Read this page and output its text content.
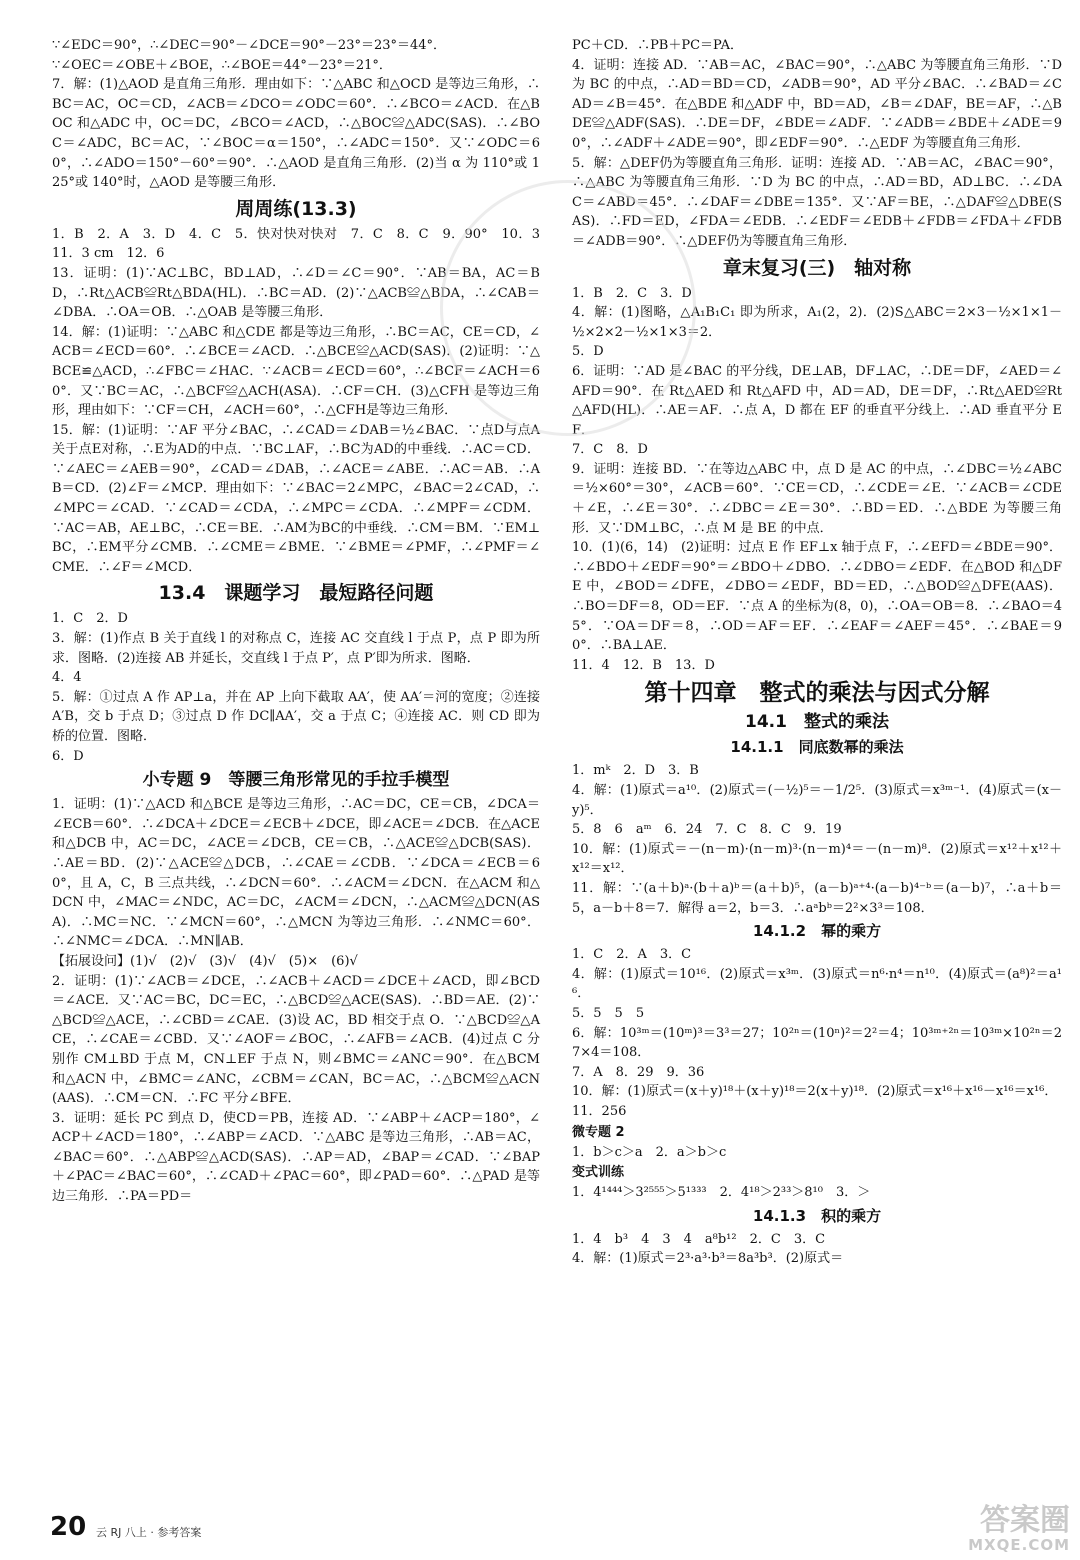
∵∠EDC＝90°，∴∠DEC＝90°－∠DCE＝90°－23°＝23°＝44°．

∵∠OEC＝∠OBE＋∠BOE，∴∠BOE＝44°－23°＝21°．

7．解：(1)△AOD 是直角三角形．理由如下：∵△ABC 和△OCD 是等边三角形，∴BC＝AC，OC＝CD，∠ACB＝∠DCO＝∠ODC＝60°．∴∠BCO＝∠ACD．在△BOC 和△ADC 中，OC＝DC，∠BCO＝∠ACD，∴△BOC≌△ADC(SAS)．∴∠BOC＝∠ADC，BC＝AC，∵∠BOC＝α＝150°，∴∠ADC＝150°．又∵∠ODC＝60°，∴∠ADO＝150°－60°＝90°．∴△AOD 是直角三角形．(2)当 α 为 110°或 125°或 140°时，△AOD 是等腰三角形．

周周练(13.3)

1．B　2．A　3．D　4．C　5．快对快对快对　7．C　8．C　9．90°　10．3　11．3 cm　12．6

13．证明：(1)∵AC⊥BC，BD⊥AD，∴∠D＝∠C＝90°．∵AB＝BA，AC＝BD，∴Rt△ACB≌Rt△BDA(HL)．∴BC＝AD．(2)∵△ACB≌△BDA，∴∠CAB＝∠DBA．∴OA＝OB．∴△OAB 是等腰三角形．

14．解：(1)证明：∵△ABC 和△CDE 都是等边三角形，∴BC＝AC，CE＝CD，∠ACB＝∠ECD＝60°．∴∠BCE＝∠ACD．∴△BCE≌△ACD(SAS)．(2)证明：∵△BCE≌△ACD，∴∠FBC＝∠HAC．∵∠ACB＝∠ECD＝60°，∴∠BCF＝∠ACH＝60°．又∵BC＝AC，∴△BCF≌△ACH(ASA)．∴CF＝CH．(3)△CFH 是等边三角形，理由如下：∵CF＝CH，∠ACH＝60°，∴△CFH是等边三角形．

15．解：(1)证明：∵AF 平分∠BAC，∴∠CAD＝∠DAB＝½∠BAC．∵点D与点A关于点E对称，∴E为AD的中点．∵BC⊥AF，∴BC为AD的中垂线．∴AC＝CD．∵∠AEC＝∠AEB＝90°，∠CAD＝∠DAB，∴∠ACE＝∠ABE．∴AC＝AB．∴AB＝CD．(2)∠F＝∠MCP．理由如下：∵∠BAC＝2∠MPC，∠BAC＝2∠CAD，∴∠MPC＝∠CAD．∵∠CAD＝∠CDA，∴∠MPC＝∠CDA．∴∠MPF＝∠CDM．∵AC＝AB，AE⊥BC，∴CE＝BE．∴AM为BC的中垂线．∴CM＝BM．∵EM⊥BC，∴EM平分∠CMB．∴∠CME＝∠BME．∵∠BME＝∠PMF，∴∠PMF＝∠CME．∴∠F＝∠MCD．

13.4　课题学习　最短路径问题

1．C　2．D

3．解：(1)作点 B 关于直线 l 的对称点 C，连接 AC 交直线 l 于点 P，点 P 即为所求．图略．(2)连接 AB 并延长，交直线 l 于点 P′，点 P′即为所求．图略．

4．4

5．解：①过点 A 作 AP⊥a，并在 AP 上向下截取 AA′，使 AA′＝河的宽度；②连接A′B，交 b 于点 D；③过点 D 作 DC∥AA′，交 a 于点 C；④连接 AC．则 CD 即为桥的位置．图略．

6．D

小专题 9　等腰三角形常见的手拉手模型

1．证明：(1)∵△ACD 和△BCE 是等边三角形，∴AC＝DC，CE＝CB，∠DCA＝∠ECB＝60°．∴∠DCA＋∠DCE＝∠ECB＋∠DCE，即∠ACE＝∠DCB．在△ACE 和△DCB 中，AC＝DC，∠ACE＝∠DCB，CE＝CB，∴△ACE≌△DCB(SAS)．∴AE＝BD．(2)∵△ACE≌△DCB，∴∠CAE＝∠CDB．∵∠DCA＝∠ECB＝60°，且 A，C，B 三点共线，∴∠DCN＝60°．∴∠ACM＝∠DCN．在△ACM 和△DCN 中，∠MAC＝∠NDC，AC＝DC，∠ACM＝∠DCN，∴△ACM≌△DCN(ASA)．∴MC＝NC．∵∠MCN＝60°，∴△MCN 为等边三角形．∴∠NMC＝60°．∴∠NMC＝∠DCA．∴MN∥AB．

【拓展设问】(1)√　(2)√　(3)√　(4)√　(5)×　(6)√

2．证明：(1)∵∠ACB＝∠DCE，∴∠ACB＋∠ACD＝∠DCE＋∠ACD，即∠BCD＝∠ACE．又∵AC＝BC，DC＝EC，∴△BCD≌△ACE(SAS)．∴BD＝AE．(2)∵△BCD≌△ACE，∴∠CBD＝∠CAE．(3)设 AC，BD 相交于点 O．∵△BCD≌△ACE，∴∠CAE＝∠CBD．又∵∠AOF＝∠BOC，∴∠AFB＝∠ACB．(4)过点 C 分别作 CM⊥BD 于点 M，CN⊥EF 于点 N，则∠BMC＝∠ANC＝90°．在△BCM 和△ACN 中，∠BMC＝∠ANC，∠CBM＝∠CAN，BC＝AC，∴△BCM≌△ACN(AAS)．∴CM＝CN．∴FC 平分∠BFE．

3．证明：延长 PC 到点 D，使CD＝PB，连接 AD．∵∠ABP＋∠ACP＝180°，∠ACP＋∠ACD＝180°，∴∠ABP＝∠ACD．∵△ABC 是等边三角形，∴AB＝AC，∠BAC＝60°．∴△ABP≌△ACD(SAS)．∴AP＝AD，∠BAP＝∠CAD．∵∠BAP＋∠PAC＝∠BAC＝60°，∴∠CAD＋∠PAC＝60°，即∠PAD＝60°．∴△PAD 是等边三角形．∴PA＝PD＝

PC＋CD．∴PB＋PC＝PA．

4．证明：连接 AD．∵AB＝AC，∠BAC＝90°，∴△ABC 为等腰直角三角形．∵D 为 BC 的中点，∴AD＝BD＝CD，∠ADB＝90°，AD 平分∠BAC．∴∠BAD＝∠CAD＝∠B＝45°．在△BDE 和△ADF 中，BD＝AD，∠B＝∠DAF，BE＝AF，∴△BDE≌△ADF(SAS)．∴DE＝DF，∠BDE＝∠ADF．∵∠ADB＝∠BDE＋∠ADE＝90°，∴∠ADF＋∠ADE＝90°，即∠EDF＝90°．∴△EDF 为等腰直角三角形．

5．解：△DEF仍为等腰直角三角形．证明：连接 AD．∵AB＝AC，∠BAC＝90°，∴△ABC 为等腰直角三角形．∵D 为 BC 的中点，∴AD＝BD，AD⊥BC．∴∠DAC＝∠ABD＝45°．∴∠DAF＝∠DBE＝135°．又∵AF＝BE，∴△DAF≌△DBE(SAS)．∴FD＝ED，∠FDA＝∠EDB．∴∠EDF＝∠EDB＋∠FDB＝∠FDA＋∠FDB＝∠ADB＝90°．∴△DEF仍为等腰直角三角形．

章末复习(三)　轴对称

1．B　2．C　3．D

4．解：(1)图略，△A₁B₁C₁ 即为所求，A₁(2，2)．(2)S△ABC＝2×3－½×1×1－½×2×2－½×1×3＝2．

5．D

6．证明：∵AD 是∠BAC 的平分线，DE⊥AB，DF⊥AC，∴DE＝DF，∠AED＝∠AFD＝90°．在 Rt△AED 和 Rt△AFD 中，AD＝AD，DE＝DF，∴Rt△AED≌Rt△AFD(HL)．∴AE＝AF．∴点 A，D 都在 EF 的垂直平分线上．∴AD 垂直平分 EF．

7．C　8．D

9．证明：连接 BD．∵在等边△ABC 中，点 D 是 AC 的中点，∴∠DBC＝½∠ABC＝½×60°＝30°，∠ACB＝60°．∵CE＝CD，∴∠CDE＝∠E．∵∠ACB＝∠CDE＋∠E，∴∠E＝30°．∴∠DBC＝∠E＝30°．∴BD＝ED．∴△BDE 为等腰三角形．又∵DM⊥BC，∴点 M 是 BE 的中点．

10．(1)(6，14)　(2)证明：过点 E 作 EF⊥x 轴于点 F，∴∠EFD＝∠BDE＝90°．∴∠BDO＋∠EDF＝90°＝∠BDO＋∠DBO．∴∠DBO＝∠EDF．在△BOD 和△DFE 中，∠BOD＝∠DFE，∠DBO＝∠EDF，BD＝ED，∴△BOD≌△DFE(AAS)．∴BO＝DF＝8，OD＝EF．∵点 A 的坐标为(8，0)，∴OA＝OB＝8．∴∠BAO＝45°．∵OA＝DF＝8，∴OD＝AF＝EF．∴∠EAF＝∠AEF＝45°．∴∠BAE＝90°．∴BA⊥AE．

11．4　12．B　13．D

第十四章　整式的乘法与因式分解
14.1　整式的乘法
14.1.1　同底数幂的乘法

1．mᵏ　2．D　3．B

4．解：(1)原式＝a¹⁰．(2)原式＝(－½)⁵＝－1/2⁵．(3)原式＝x³ᵐ⁻¹．(4)原式＝(x－y)⁵．

5．8　6　aᵐ　6．24　7．C　8．C　9．19

10．解：(1)原式＝－(n－m)·(n－m)³·(n－m)⁴＝－(n－m)⁸．(2)原式＝x¹²＋x¹²＋x¹²＝x¹²．

11．解：∵(a＋b)ᵃ·(b＋a)ᵇ＝(a＋b)⁵，(a－b)ᵃ⁺⁴·(a－b)⁴⁻ᵇ＝(a－b)⁷，∴a＋b＝5，a－b＋8＝7．解得 a＝2，b＝3．∴aᵃbᵇ＝2²×3³＝108．

14.1.2　幂的乘方

1．C　2．A　3．C

4．解：(1)原式＝10¹⁶．(2)原式＝x³ᵐ．(3)原式＝n⁶·n⁴＝n¹⁰．(4)原式＝(a⁸)²＝a¹⁶．

5．5　5　5

6．解：10³ᵐ＝(10ᵐ)³＝3³＝27；10²ⁿ＝(10ⁿ)²＝2²＝4；10³ᵐ⁺²ⁿ＝10³ᵐ×10²ⁿ＝27×4＝108．

7．A　8．29　9．36

10．解：(1)原式＝(x＋y)¹⁸＋(x＋y)¹⁸＝2(x＋y)¹⁸．(2)原式＝x¹⁶＋x¹⁶－x¹⁶＝x¹⁶．

11．256

微专题 2

1．b＞c＞a　2．a＞b＞c

变式训练

1．4¹⁴⁴⁴＞3²⁵⁵⁵＞5¹³³³　2．4¹⁸＞2³³＞8¹⁰　3．＞

14.1.3　积的乘方

1．4　b³　4　3　4　a⁸b¹²　2．C　3．C

4．解：(1)原式＝2³·a³·b³＝8a³b³．(2)原式＝

20 云 RJ 八上 · 参考答案	答案圈
MXQE.COM
